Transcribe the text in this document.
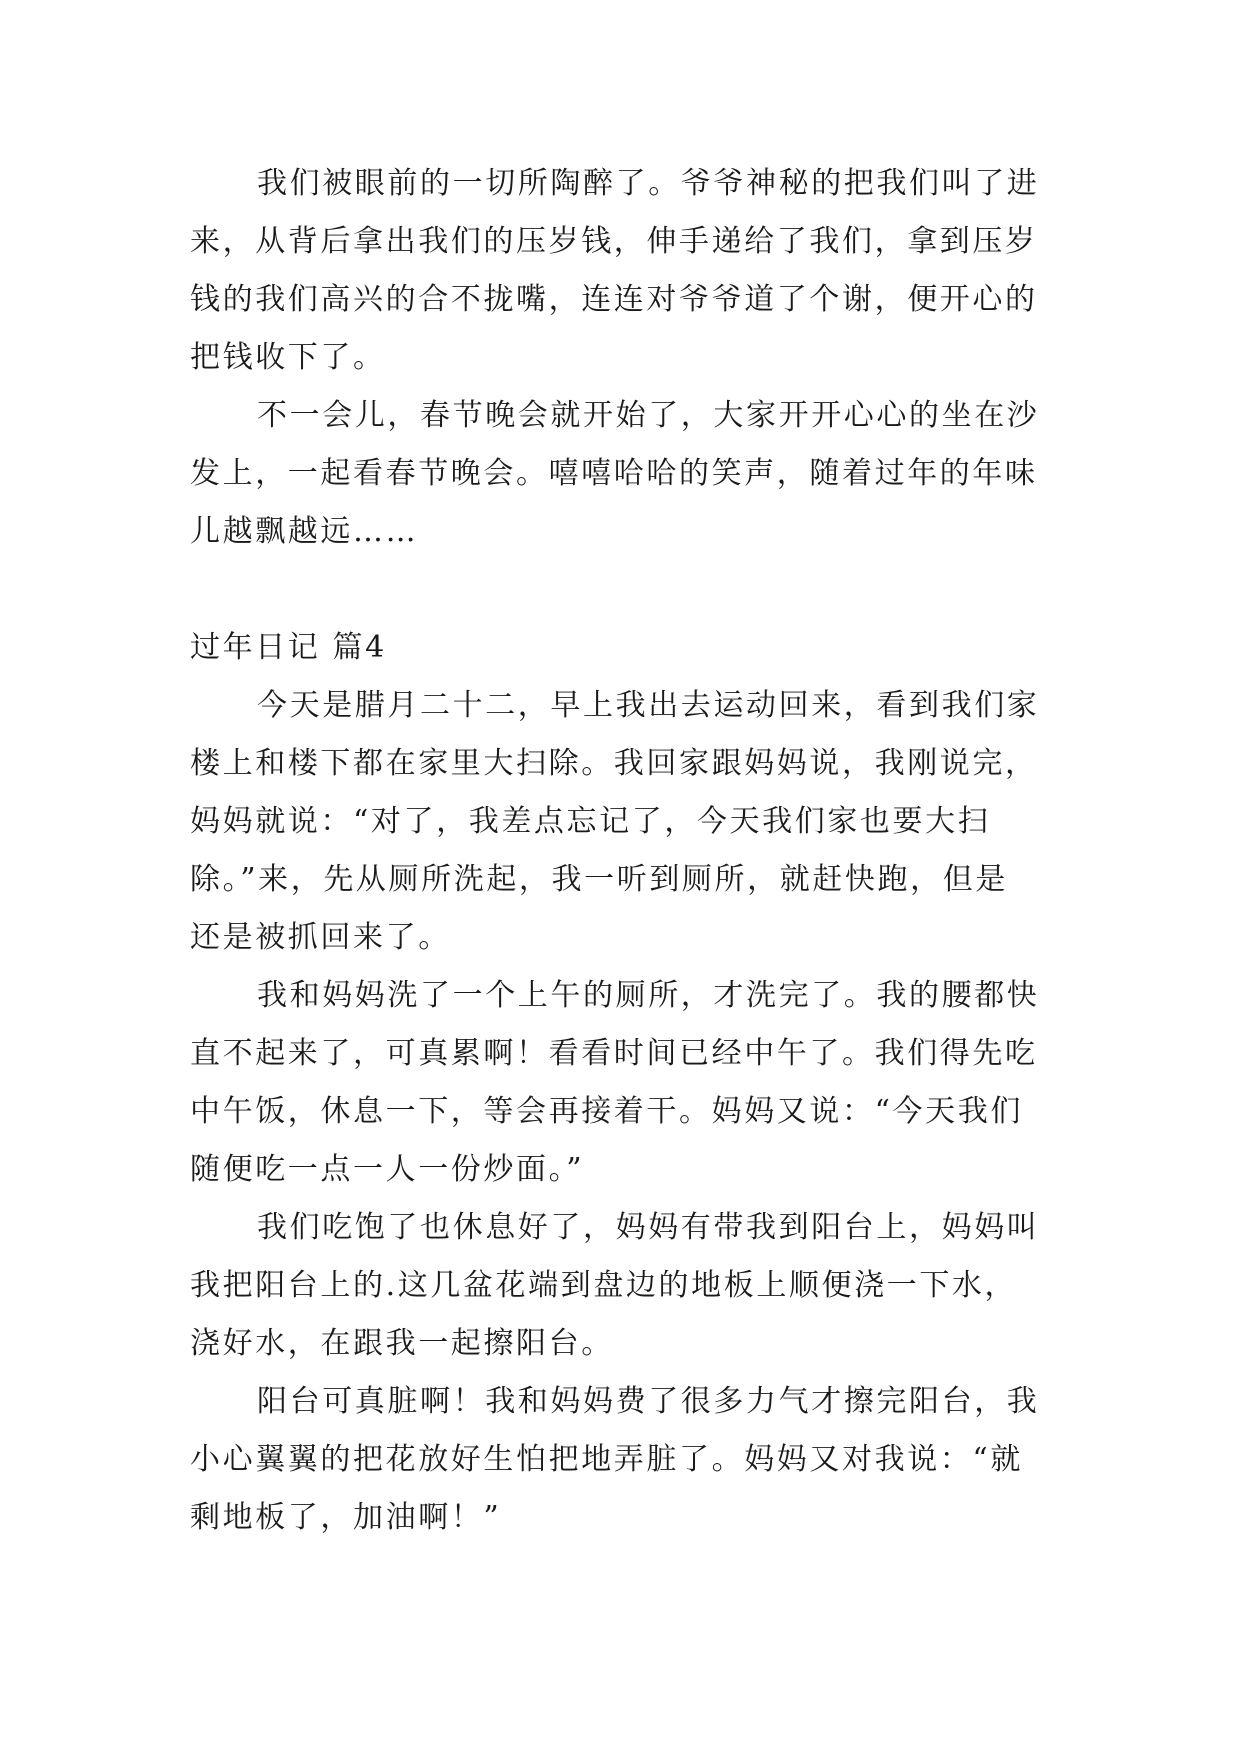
我们被眼前的一切所陶醉了。爷爷神秘的把我们叫了进

来，从背后拿出我们的压岁钱，伸手递给了我们，拿到压岁

钱的我们高兴的合不拢嘴，连连对爷爷道了个谢，便开心的

把钱收下了。

不一会儿，春节晚会就开始了，大家开开心心的坐在沙

发上，一起看春节晚会。嘻嘻哈哈的笑声，随着过年的年味

儿越飘越远……

过年日记 篇4

今天是腊月二十二，早上我出去运动回来，看到我们家

楼上和楼下都在家里大扫除。我回家跟妈妈说，我刚说完，

妈妈就说：“对了，我差点忘记了，今天我们家也要大扫

除。”来，先从厕所洗起，我一听到厕所，就赶快跑，但是

还是被抓回来了。

我和妈妈洗了一个上午的厕所，才洗完了。我的腰都快

直不起来了，可真累啊！看看时间已经中午了。我们得先吃

中午饭，休息一下，等会再接着干。妈妈又说：“今天我们

随便吃一点一人一份炒面。”

我们吃饱了也休息好了，妈妈有带我到阳台上，妈妈叫

我把阳台上的.这几盆花端到盘边的地板上顺便浇一下水，

浇好水，在跟我一起擦阳台。

阳台可真脏啊！我和妈妈费了很多力气才擦完阳台，我

小心翼翼的把花放好生怕把地弄脏了。妈妈又对我说：“就

剩地板了，加油啊！”
